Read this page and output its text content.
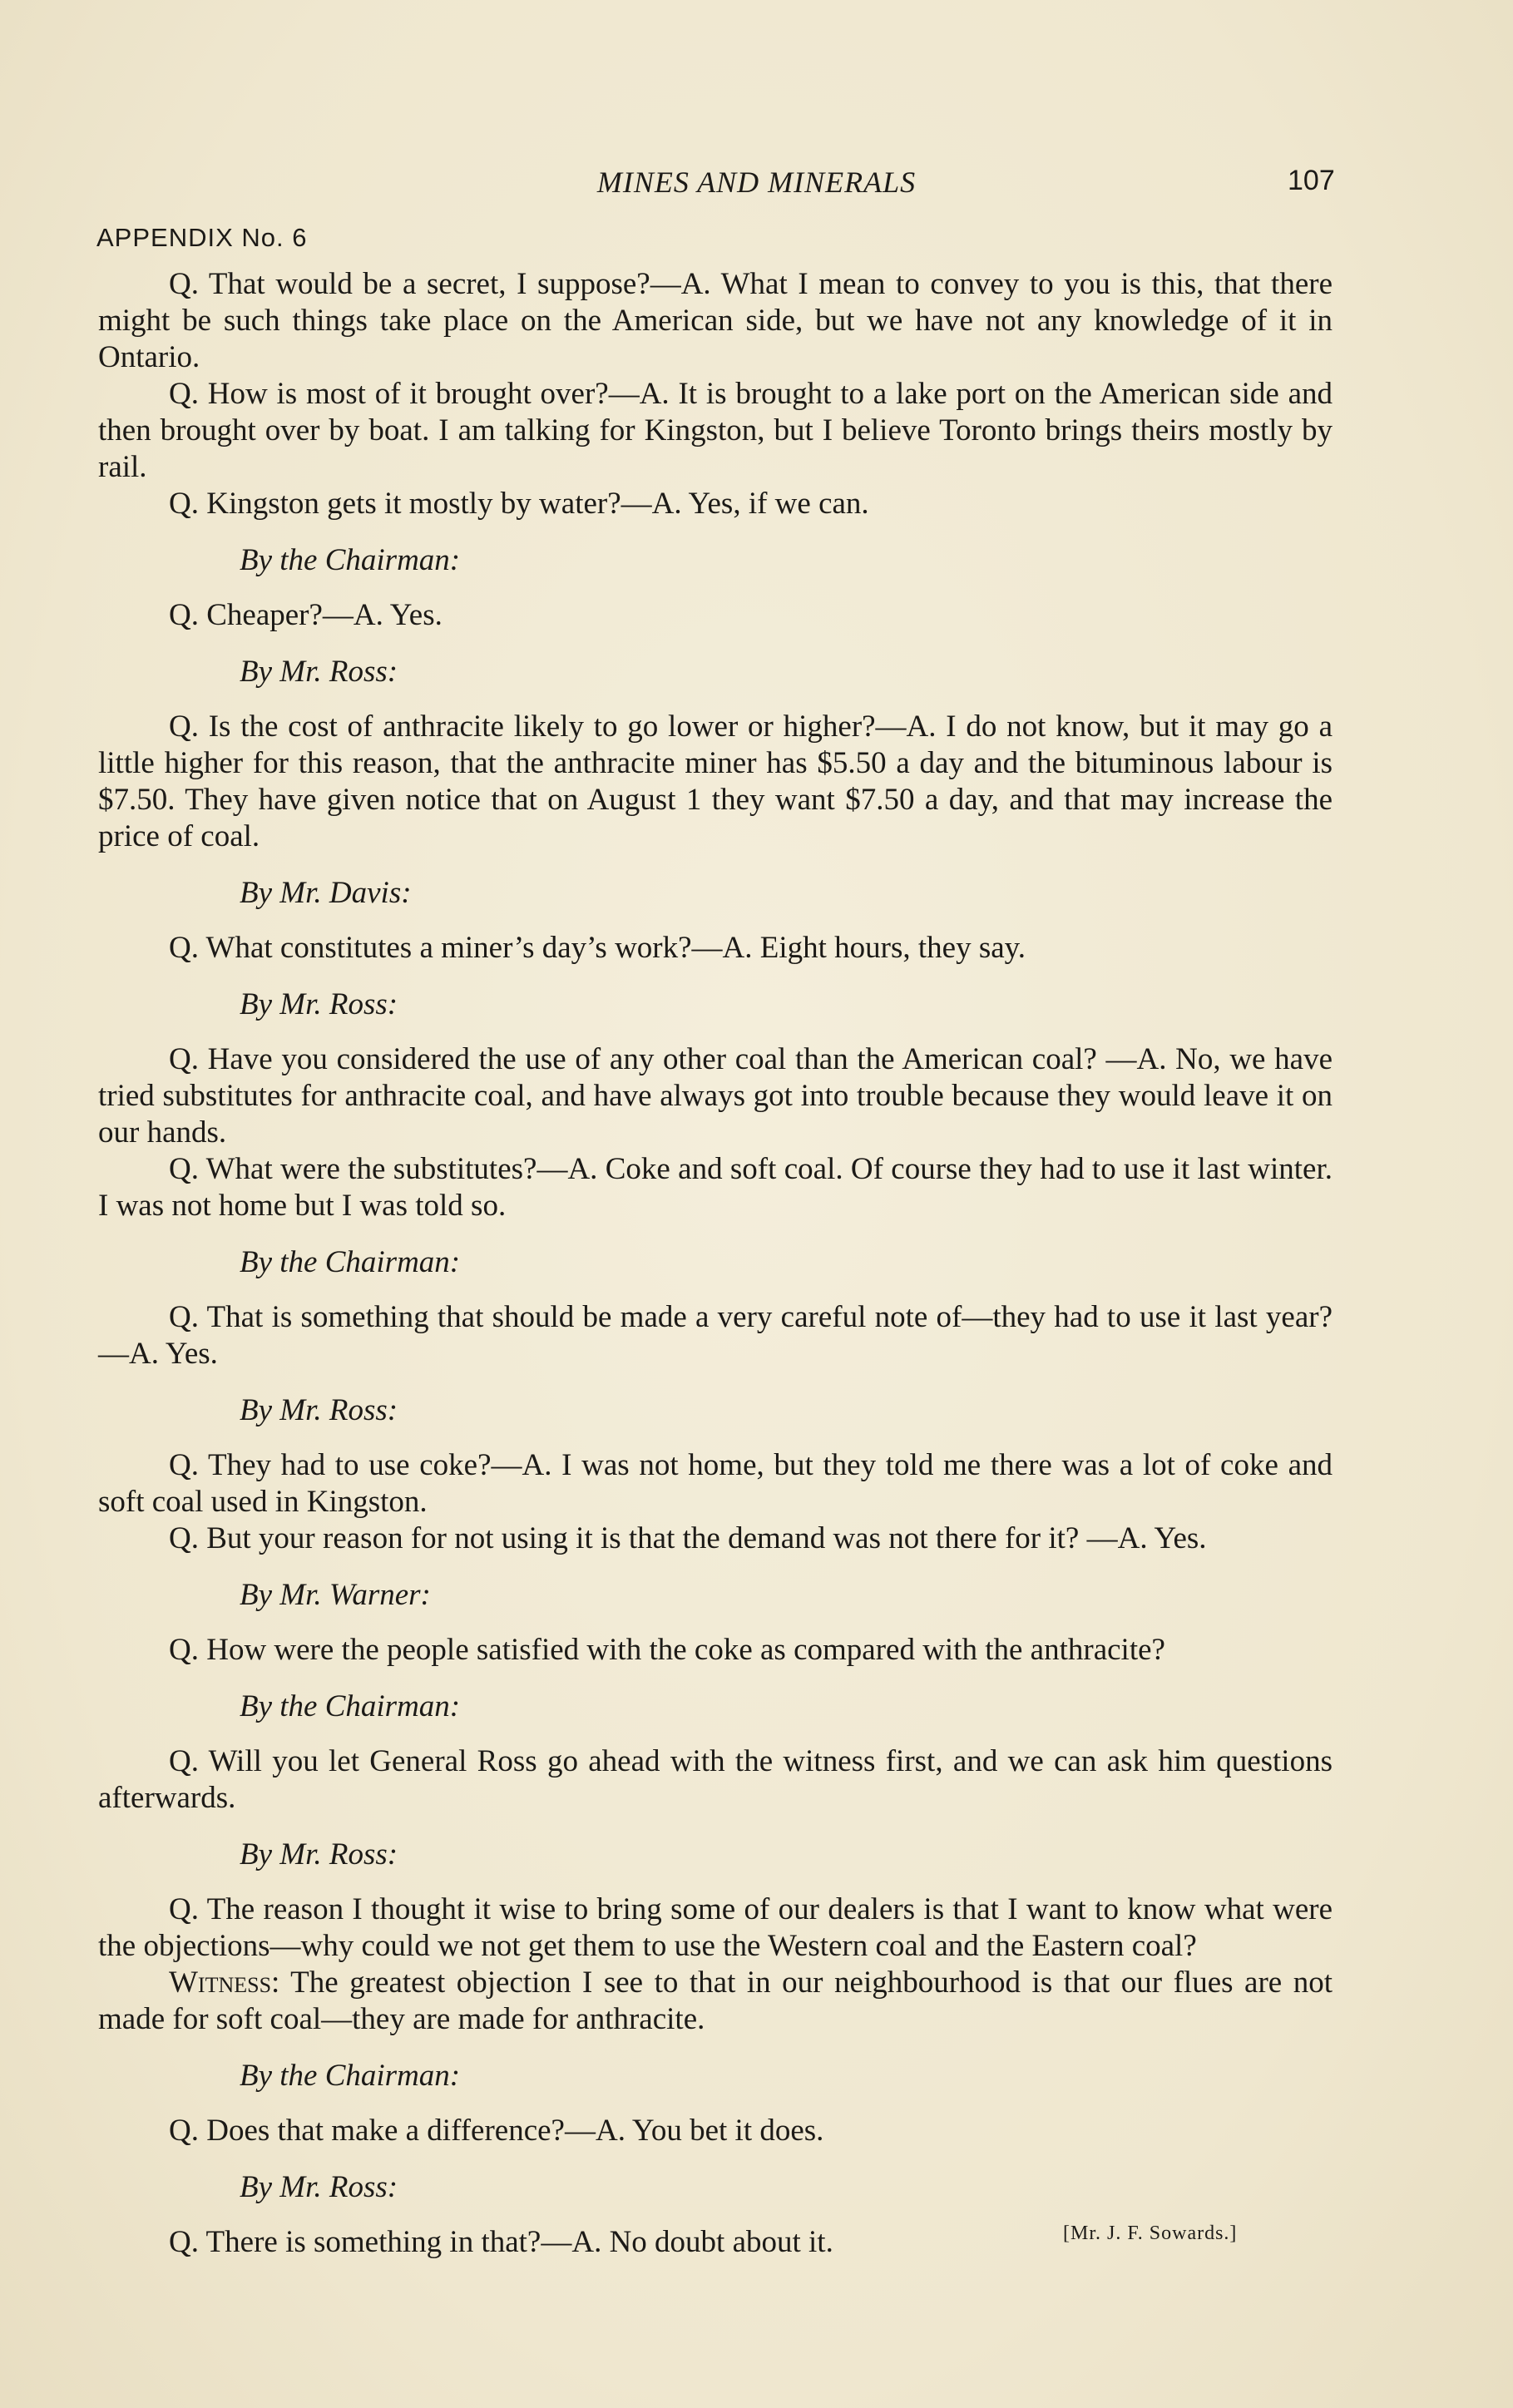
MINES AND MINERALS	107
APPENDIX No. 6

Q. That would be a secret, I suppose?—A. What I mean to convey to you is this, that there might be such things take place on the American side, but we have not any knowledge of it in Ontario.

Q. How is most of it brought over?—A. It is brought to a lake port on the American side and then brought over by boat. I am talking for Kingston, but I believe Toronto brings theirs mostly by rail.

Q. Kingston gets it mostly by water?—A. Yes, if we can.

By the Chairman:

Q. Cheaper?—A. Yes.

By Mr. Ross:

Q. Is the cost of anthracite likely to go lower or higher?—A. I do not know, but it may go a little higher for this reason, that the anthracite miner has $5.50 a day and the bituminous labour is $7.50. They have given notice that on August 1 they want $7.50 a day, and that may increase the price of coal.

By Mr. Davis:

Q. What constitutes a miner’s day’s work?—A. Eight hours, they say.

By Mr. Ross:

Q. Have you considered the use of any other coal than the American coal? —A. No, we have tried substitutes for anthracite coal, and have always got into trouble because they would leave it on our hands.

Q. What were the substitutes?—A. Coke and soft coal. Of course they had to use it last winter. I was not home but I was told so.

By the Chairman:

Q. That is something that should be made a very careful note of—they had to use it last year?—A. Yes.

By Mr. Ross:

Q. They had to use coke?—A. I was not home, but they told me there was a lot of coke and soft coal used in Kingston.

Q. But your reason for not using it is that the demand was not there for it? —A. Yes.

By Mr. Warner:

Q. How were the people satisfied with the coke as compared with the anthracite?

By the Chairman:

Q. Will you let General Ross go ahead with the witness first, and we can ask him questions afterwards.

By Mr. Ross:

Q. The reason I thought it wise to bring some of our dealers is that I want to know what were the objections—why could we not get them to use the Western coal and the Eastern coal?

Witness: The greatest objection I see to that in our neighbourhood is that our flues are not made for soft coal—they are made for anthracite.

By the Chairman:

Q. Does that make a difference?—A. You bet it does.

By Mr. Ross:

Q. There is something in that?—A. No doubt about it.	[Mr. J. F. Sowards.]
